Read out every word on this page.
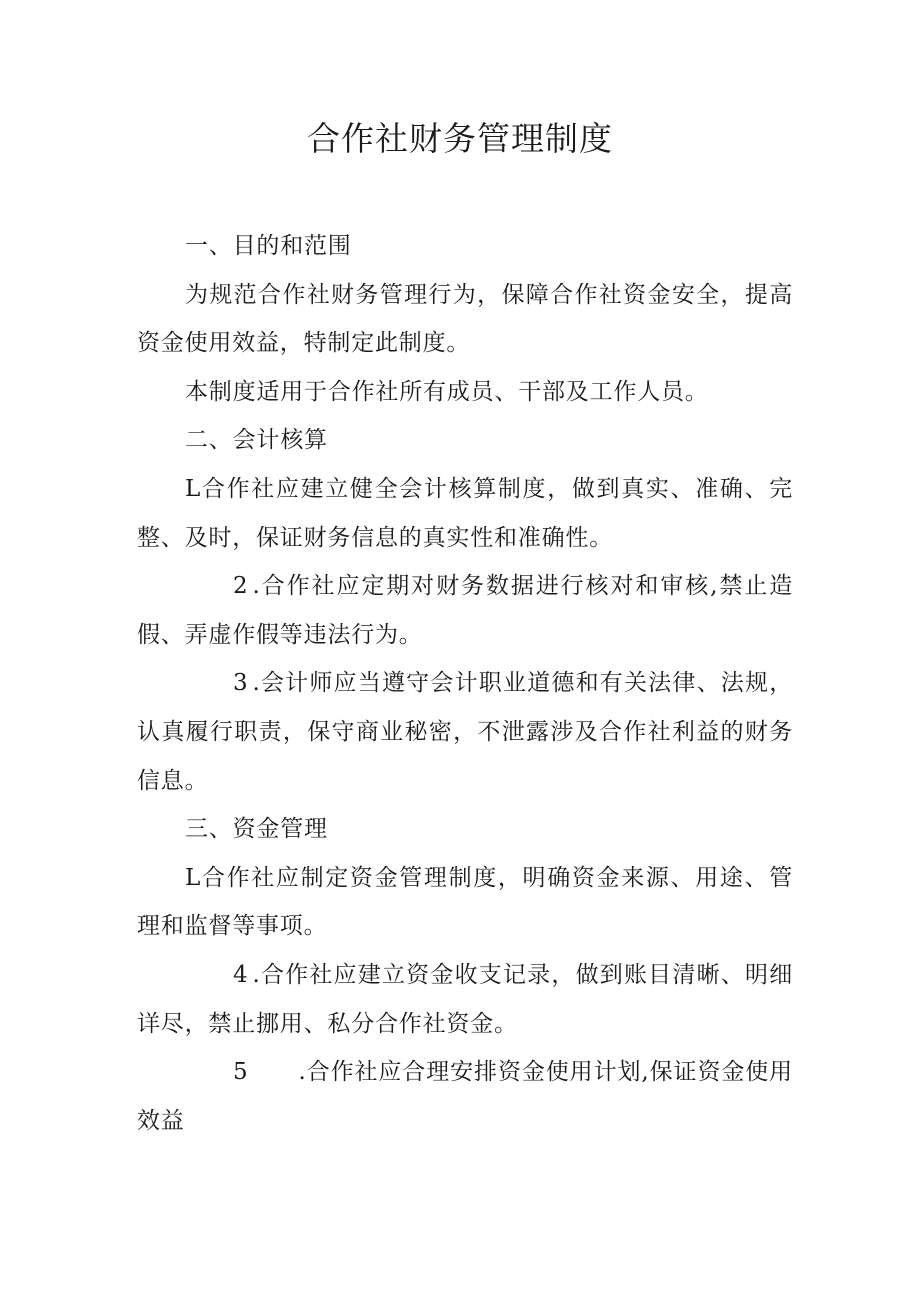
合作社财务管理制度

一、目的和范围

为规范合作社财务管理行为，保障合作社资金安全，提高资金使用效益，特制定此制度。

本制度适用于合作社所有成员、干部及工作人员。

二、会计核算

L合作社应建立健全会计核算制度，做到真实、准确、完整、及时，保证财务信息的真实性和准确性。

2 .合作社应定期对财务数据进行核对和审核,禁止造假、弄虚作假等违法行为。

3 .会计师应当遵守会计职业道德和有关法律、法规，认真履行职责，保守商业秘密，不泄露涉及合作社利益的财务信息。

三、资金管理

L合作社应制定资金管理制度，明确资金来源、用途、管理和监督等事项。

4 .合作社应建立资金收支记录，做到账目清晰、明细详尽，禁止挪用、私分合作社资金。

5 .合作社应合理安排资金使用计划,保证资金使用效益
